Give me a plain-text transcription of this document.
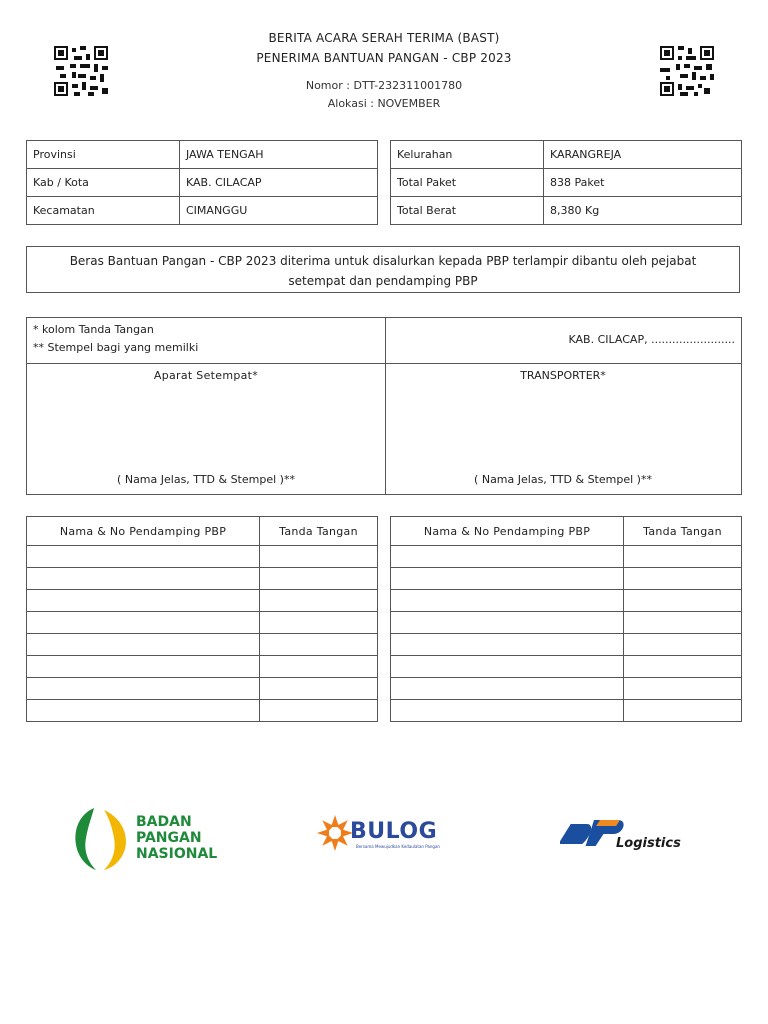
BERITA ACARA SERAH TERIMA (BAST)
PENERIMA BANTUAN PANGAN - CBP 2023
Nomor : DTT-232311001780
Alokasi : NOVEMBER
Provinsi	JAWA TENGAH
Kab / Kota	KAB. CILACAP
Kecamatan	CIMANGGU
Kelurahan	KARANGREJA
Total Paket	838 Paket
Total Berat	8,380 Kg
Beras Bantuan Pangan - CBP 2023 diterima untuk disalurkan kepada PBP terlampir dibantu oleh pejabat
setempat dan pendamping PBP
* kolom Tanda Tangan
** Stempel bagi yang memilki
KAB. CILACAP, ........................
Aparat Setempat*	TRANSPORTER*
( Nama Jelas, TTD & Stempel )**	( Nama Jelas, TTD & Stempel )**
Nama & No Pendamping PBP	Tanda Tangan

		Nama & No Pendamping PBP	Tanda Tangan

BADAN
PANGAN
NASIONAL
BULOG
Bersama Mewujudkan Kedaulatan Pangan	Logistics
